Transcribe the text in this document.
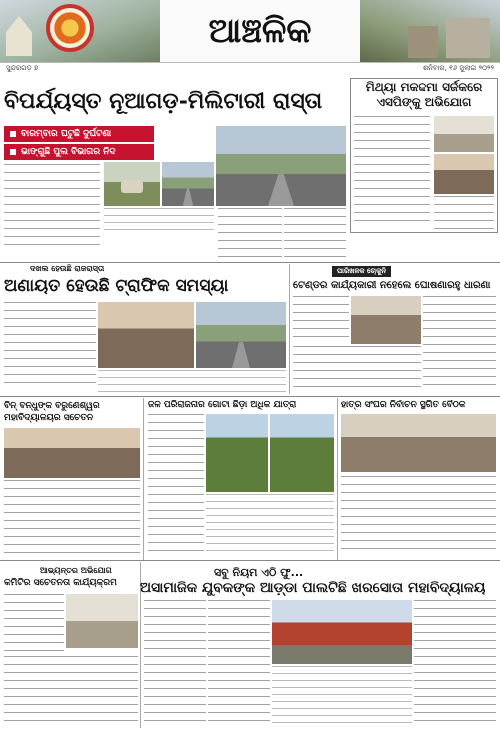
ଆଞ୍ଚଳିକ
ସୁନ୍ଦରଗଡ଼ ୭	ଶନିବାର, ୧୬ ଜୁଲାଇ ୨୦୨୨
ବିପର୍ଯ୍ୟସ୍ତ ନୂଆଗଡ଼-ମିଲିଟାରୀ ରାସ୍ତା
ବାରମ୍ବାର ଘଟୁଛି ଦୁର୍ଘଟଣା
ଭାଙ୍ଗୁଛି ପୁଲ ବିଭାଗର ନିଦ
ମିଥ୍ୟା ମକଦ୍ଦମା ସର୍ଜକରେ ଏସପିଙ୍କୁ ଅଭିଯୋଗ
ଦଖଲ ହେଉଛି ରାଜରାସ୍ତା
ଅଣାୟତ ହେଉଛି ଟ୍ରାଫିକ ସମସ୍ୟା
ପାରିଖଳକ ଚୋକୁନି
ଟେଣ୍ଡର କାର୍ଯ୍ୟକାରୀ ନହେଲେ ଘୋଷଣାରହୁ ଧାରଣା
ବିନ୍ ବନ୍ଧୁଙ୍କ ବରୁଣେଶ୍ୱର ମହାବିଦ୍ୟାଳୟର ସଚେତନ
ଜଳ ପରିରାଜନାର ଗୋଟା ଛିଡ଼ା ଅଧିକ ଯାତ୍ରା	ହାତ୍ର ସଂଘର ନିର୍ବାଚନ ସ୍ଥଗିତ ବୈଠକ
ଆଭ୍ୟନ୍ତର ଅଭିଯୋଗ
କମିଟିର ସଚେତନତା କାର୍ଯ୍ୟକ୍ରମ
ସବୁ ନିୟମ ଏଠି ଫୁ...
ଅସାମାଜିକ ଯୁବକଙ୍କ ଆଡ଼୍ଡା ପାଲଟିଛି ଖରସୋତା ମହାବିଦ୍ୟାଳୟ
